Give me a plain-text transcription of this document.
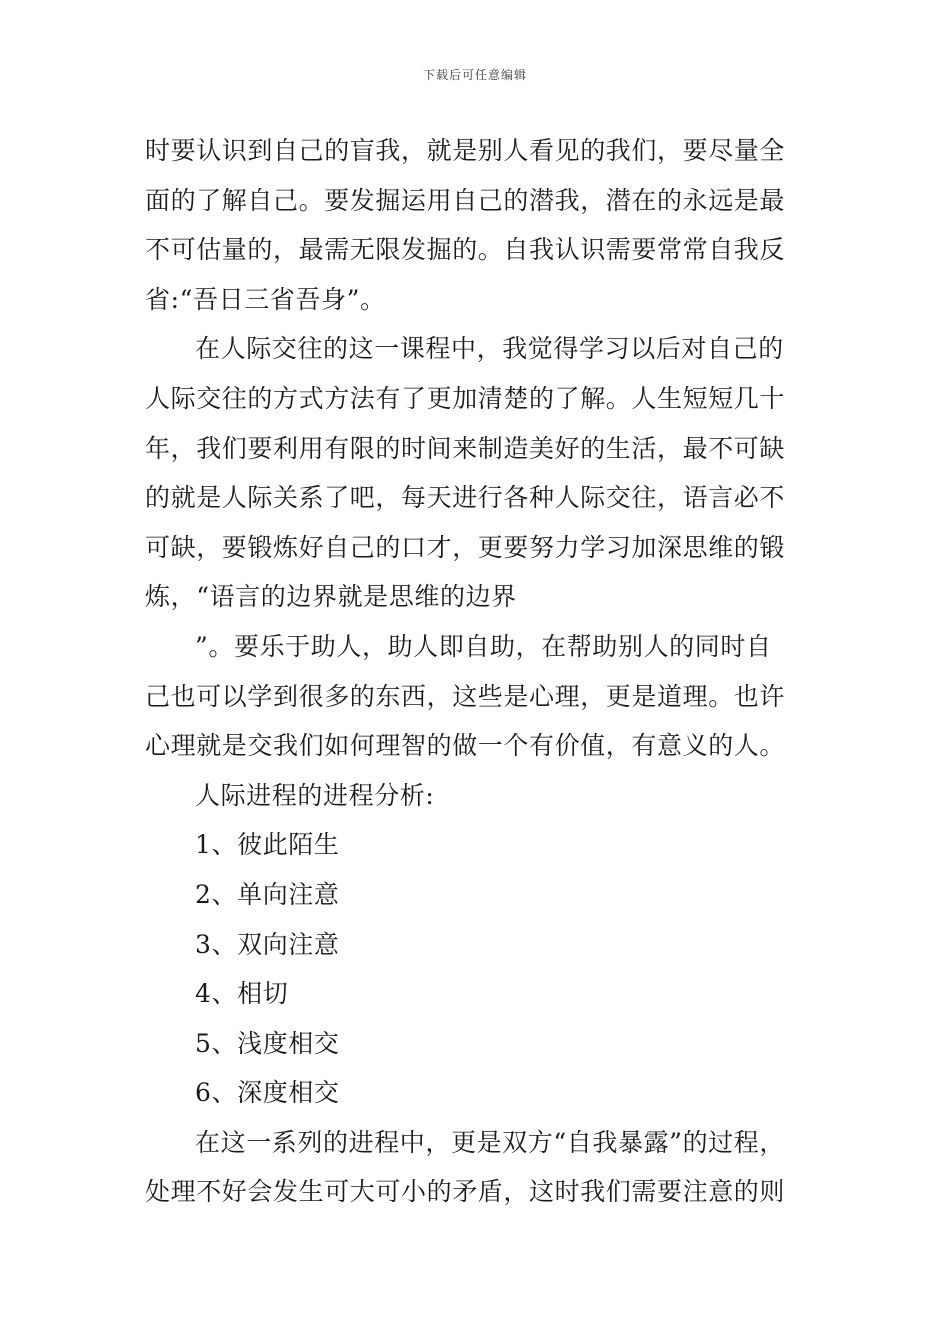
下载后可任意编辑
时要认识到自己的盲我，就是别人看见的我们，要尽量全
面的了解自己。要发掘运用自己的潜我，潜在的永远是最
不可估量的，最需无限发掘的。自我认识需要常常自我反
省:“吾日三省吾身”。
在人际交往的这一课程中，我觉得学习以后对自己的
人际交往的方式方法有了更加清楚的了解。人生短短几十
年，我们要利用有限的时间来制造美好的生活，最不可缺
的就是人际关系了吧，每天进行各种人际交往，语言必不
可缺，要锻炼好自己的口才，更要努力学习加深思维的锻
炼，“语言的边界就是思维的边界
”。要乐于助人，助人即自助，在帮助别人的同时自
己也可以学到很多的东西，这些是心理，更是道理。也许
心理就是交我们如何理智的做一个有价值，有意义的人。
人际进程的进程分析:
1、彼此陌生
2、单向注意
3、双向注意
4、相切
5、浅度相交
6、深度相交
在这一系列的进程中，更是双方“自我暴露”的过程，
处理不好会发生可大可小的矛盾，这时我们需要注意的则
